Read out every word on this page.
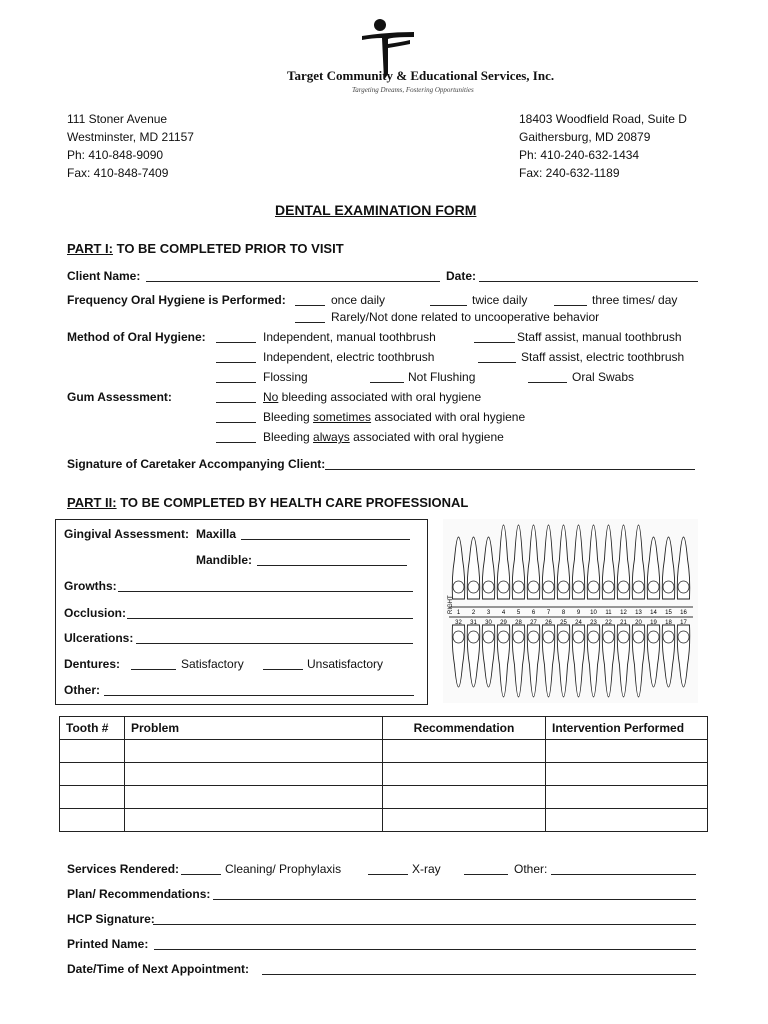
Target Community & Educational Services, Inc.
Targeting Dreams, Fostering Opportunities
111 Stoner Avenue
Westminster, MD 21157
Ph: 410-848-9090
Fax: 410-848-7409
18403 Woodfield Road, Suite D
Gaithersburg, MD 20879
Ph: 410-240-632-1434
Fax: 240-632-1189
DENTAL EXAMINATION FORM
PART I: TO BE COMPLETED PRIOR TO VISIT
Client Name:	Date:
Frequency Oral Hygiene is Performed:	once daily	twice daily	three times/ day
Rarely/Not done related to uncooperative behavior
Method of Oral Hygiene:	Independent, manual toothbrush	Staff assist, manual toothbrush
Independent, electric toothbrush	Staff assist, electric toothbrush
Flossing	Not Flushing	Oral Swabs
Gum Assessment:	No bleeding associated with oral hygiene
Bleeding sometimes associated with oral hygiene
Bleeding always associated with oral hygiene
Signature of Caretaker Accompanying Client:
PART II: TO BE COMPLETED BY HEALTH CARE PROFESSIONAL
Gingival Assessment: Maxilla
Mandible:
Growths:
Occlusion:
Ulcerations:
Dentures:	Satisfactory	Unsatisfactory
Other:
1 2 3 4 5 6 7 8 9 10 11 12 13 14 15 16
32 31 30 29 28 27 26 25 24 23 22 21 20 19 18 17
RIGHT
Tooth #	Problem	Recommendation	Intervention Performed

Services Rendered:	Cleaning/ Prophylaxis	X-ray	Other:
Plan/ Recommendations:
HCP Signature:
Printed Name:
Date/Time of Next Appointment:
